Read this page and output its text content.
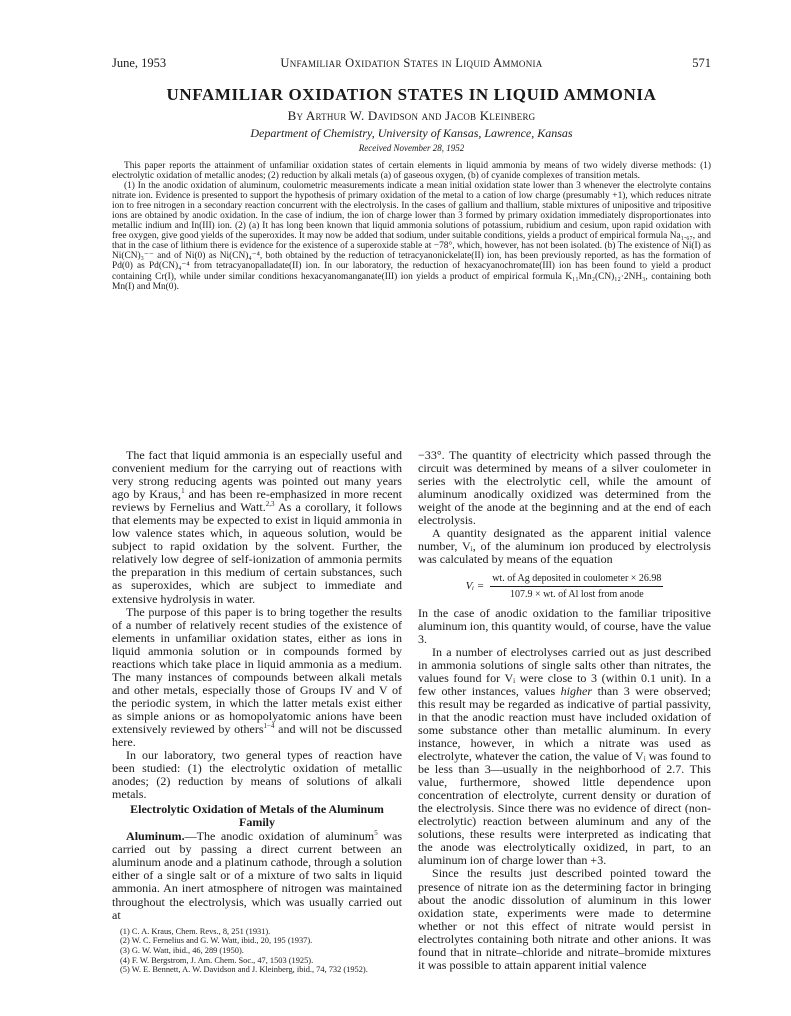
June, 1953	Unfamiliar Oxidation States in Liquid Ammonia	571
UNFAMILIAR OXIDATION STATES IN LIQUID AMMONIA
By Arthur W. Davidson and Jacob Kleinberg
Department of Chemistry, University of Kansas, Lawrence, Kansas
Received November 28, 1952

This paper reports the attainment of unfamiliar oxidation states of certain elements in liquid ammonia by means of two widely diverse methods: (1) electrolytic oxidation of metallic anodes; (2) reduction by alkali metals (a) of gaseous oxygen, (b) of cyanide complexes of transition metals.

(1) In the anodic oxidation of aluminum, coulometric measurements indicate a mean initial oxidation state lower than 3 whenever the electrolyte contains nitrate ion. Evidence is presented to support the hypothesis of primary oxidation of the metal to a cation of low charge (presumably +1), which reduces nitrate ion to free nitrogen in a secondary reaction concurrent with the electrolysis. In the cases of gallium and thallium, stable mixtures of unipositive and tripositive ions are obtained by anodic oxidation. In the case of indium, the ion of charge lower than 3 formed by primary oxidation immediately disproportionates into metallic indium and In(III) ion. (2) (a) It has long been known that liquid ammonia solutions of potassium, rubidium and cesium, upon rapid oxidation with free oxygen, give good yields of the superoxides. It may now be added that sodium, under suitable conditions, yields a product of empirical formula Na₁.₆₇, and that in the case of lithium there is evidence for the existence of a superoxide stable at −78°, which, however, has not been isolated. (b) The existence of Ni(I) as Ni(CN)₃⁻⁻ and of Ni(0) as Ni(CN)₄⁻⁴, both obtained by the reduction of tetracyanonickelate(II) ion, has been previously reported, as has the formation of Pd(0) as Pd(CN)₄⁻⁴ from tetracyanopalladate(II) ion. In our laboratory, the reduction of hexacyanochromate(III) ion has been found to yield a product containing Cr(I), while under similar conditions hexacyanomanganate(III) ion yields a product of empirical formula K₁₁Mn₂(CN)₁₂·2NH₃, containing both Mn(I) and Mn(0).

The fact that liquid ammonia is an especially useful and convenient medium for the carrying out of reactions with very strong reducing agents was pointed out many years ago by Kraus,$^1$ and has been re-emphasized in more recent reviews by Fernelius and Watt.$^{2,3}$ As a corollary, it follows that elements may be expected to exist in liquid ammonia in low valence states which, in aqueous solution, would be subject to rapid oxidation by the solvent. Further, the relatively low degree of self-ionization of ammonia permits the preparation in this medium of certain substances, such as superoxides, which are subject to immediate and extensive hydrolysis in water.

The purpose of this paper is to bring together the results of a number of relatively recent studies of the existence of elements in unfamiliar oxidation states, either as ions in liquid ammonia solution or in compounds formed by reactions which take place in liquid ammonia as a medium. The many instances of compounds between alkali metals and other metals, especially those of Groups IV and V of the periodic system, in which the latter metals exist either as simple anions or as homopolyatomic anions have been extensively reviewed by others$^{1-4}$ and will not be discussed here.

In our laboratory, two general types of reaction have been studied: (1) the electrolytic oxidation of metallic anodes; (2) reduction by means of solutions of alkali metals.

Electrolytic Oxidation of Metals of the Aluminum Family

Aluminum.—The anodic oxidation of aluminum$^5$ was carried out by passing a direct current between an aluminum anode and a platinum cathode, through a solution either of a single salt or of a mixture of two salts in liquid ammonia. An inert atmosphere of nitrogen was maintained throughout the electrolysis, which was usually carried out at

(1) C. A. Kraus, Chem. Revs., 8, 251 (1931).
(2) W. C. Fernelius and G. W. Watt, ibid., 20, 195 (1937).
(3) G. W. Watt, ibid., 46, 289 (1950).
(4) F. W. Bergstrom, J. Am. Chem. Soc., 47, 1503 (1925).
(5) W. E. Bennett, A. W. Davidson and J. Kleinberg, ibid., 74, 732 (1952).

−33°. The quantity of electricity which passed through the circuit was determined by means of a silver coulometer in series with the electrolytic cell, while the amount of aluminum anodically oxidized was determined from the weight of the anode at the beginning and at the end of each electrolysis.

A quantity designated as the apparent initial valence number, Vᵢ, of the aluminum ion produced by electrolysis was calculated by means of the equation

Vᵢ = $\frac{\text{wt. of Ag deposited in coulometer × 26.98}}{\text{107.9 × wt. of Al lost from anode}}$

In the case of anodic oxidation to the familiar tripositive aluminum ion, this quantity would, of course, have the value 3.

In a number of electrolyses carried out as just described in ammonia solutions of single salts other than nitrates, the values found for Vᵢ were close to 3 (within 0.1 unit). In a few other instances, values higher than 3 were observed; this result may be regarded as indicative of partial passivity, in that the anodic reaction must have included oxidation of some substance other than metallic aluminum. In every instance, however, in which a nitrate was used as electrolyte, whatever the cation, the value of Vᵢ was found to be less than 3—usually in the neighborhood of 2.7. This value, furthermore, showed little dependence upon concentration of electrolyte, current density or duration of the electrolysis. Since there was no evidence of direct (non-electrolytic) reaction between aluminum and any of the solutions, these results were interpreted as indicating that the anode was electrolytically oxidized, in part, to an aluminum ion of charge lower than +3.

Since the results just described pointed toward the presence of nitrate ion as the determining factor in bringing about the anodic dissolution of aluminum in this lower oxidation state, experiments were made to determine whether or not this effect of nitrate would persist in electrolytes containing both nitrate and other anions. It was found that in nitrate–chloride and nitrate–bromide mixtures it was possible to attain apparent initial valence
